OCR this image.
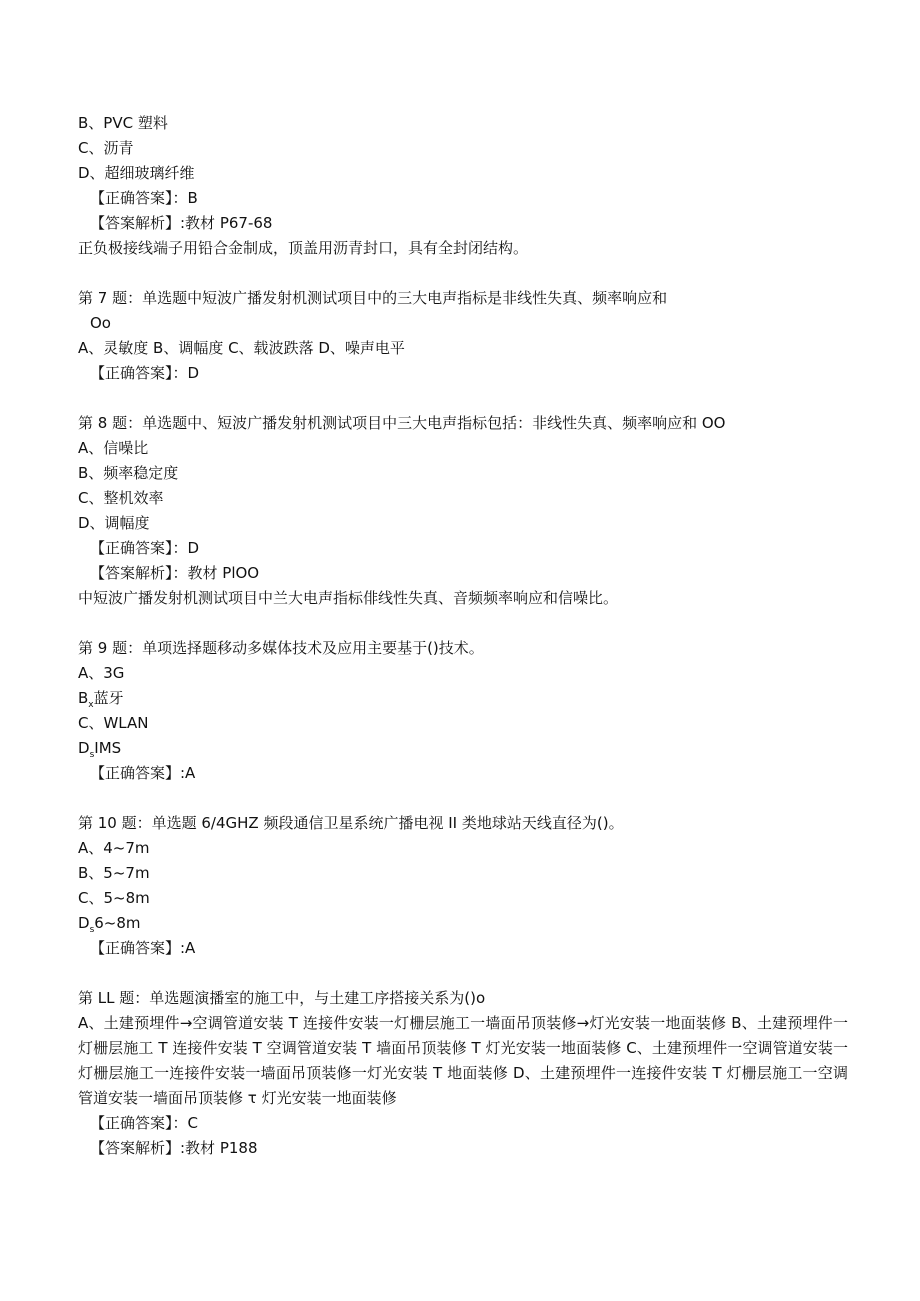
B、PVC 塑料
C、沥青
D、超细玻璃纤维
【正确答案】：B
【答案解析】:教材 P67-68
正负极接线端子用铅合金制成，顶盖用沥青封口，具有全封闭结构。
第 7 题：单选题中短波广播发射机测试项目中的三大电声指标是非线性失真、频率响应和
Oo
A、灵敏度 B、调幅度 C、载波跌落 D、噪声电平
【正确答案】：D
第 8 题：单选题中、短波广播发射机测试项目中三大电声指标包括：非线性失真、频率响应和 OO
A、信噪比
B、频率稳定度
C、整机效率
D、调幅度
【正确答案】：D
【答案解析】：教材 PlOO
中短波广播发射机测试项目中兰大电声指标俳线性失真、音频频率响应和信噪比。
第 9 题：单项选择题移动多媒体技术及应用主要基于()技术。
A、3G
$B_x$蓝牙
C、WLAN
$D_sIMS$
【正确答案】:A
第 10 题：单选题 6/4GHZ 频段通信卫星系统广播电视 II 类地球站天线直径为()。
A、4~7m
B、5~7m
C、5~8m
$D_s6\sim 8m$
【正确答案】:A
第 LL 题：单选题演播室的施工中，与土建工序搭接关系为()o
A、土建预埋件→空调管道安装 T 连接件安装一灯栅层施工一墙面吊顶装修→灯光安装一地面装修 B、土建预埋件一灯栅层施工 T 连接件安装 T 空调管道安装 T 墙面吊顶装修 T 灯光安装一地面装修 C、土建预埋件一空调管道安装一灯栅层施工一连接件安装一墙面吊顶装修一灯光安装 T 地面装修 D、土建预埋件一连接件安装 T 灯栅层施工一空调管道安装一墙面吊顶装修 τ 灯光安装一地面装修
【正确答案】：C
【答案解析】:教材 P188
